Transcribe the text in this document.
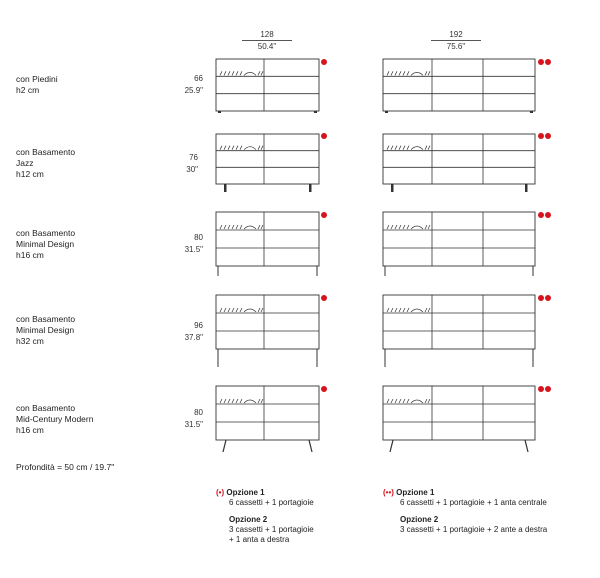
128
50.4"
192
75.6"
con Piedini
h2 cm
con Basamento
Jazz
h12 cm
con Basamento
Minimal Design
h16 cm
con Basamento
Minimal Design
h32 cm
con Basamento
Mid-Century Modern
h16 cm
66
25.9"
76
30"
80
31.5"
96
37.8"
80
31.5"
Profondità = 50 cm / 19.7"
(•) Opzione 1
6 cassetti + 1 portagioie
Opzione 2
3 cassetti + 1 portagioie
+ 1 anta a destra
(••) Opzione 1
6 cassetti + 1 portagioie + 1 anta centrale
Opzione 2
3 cassetti + 1 portagioie + 2 ante a destra
